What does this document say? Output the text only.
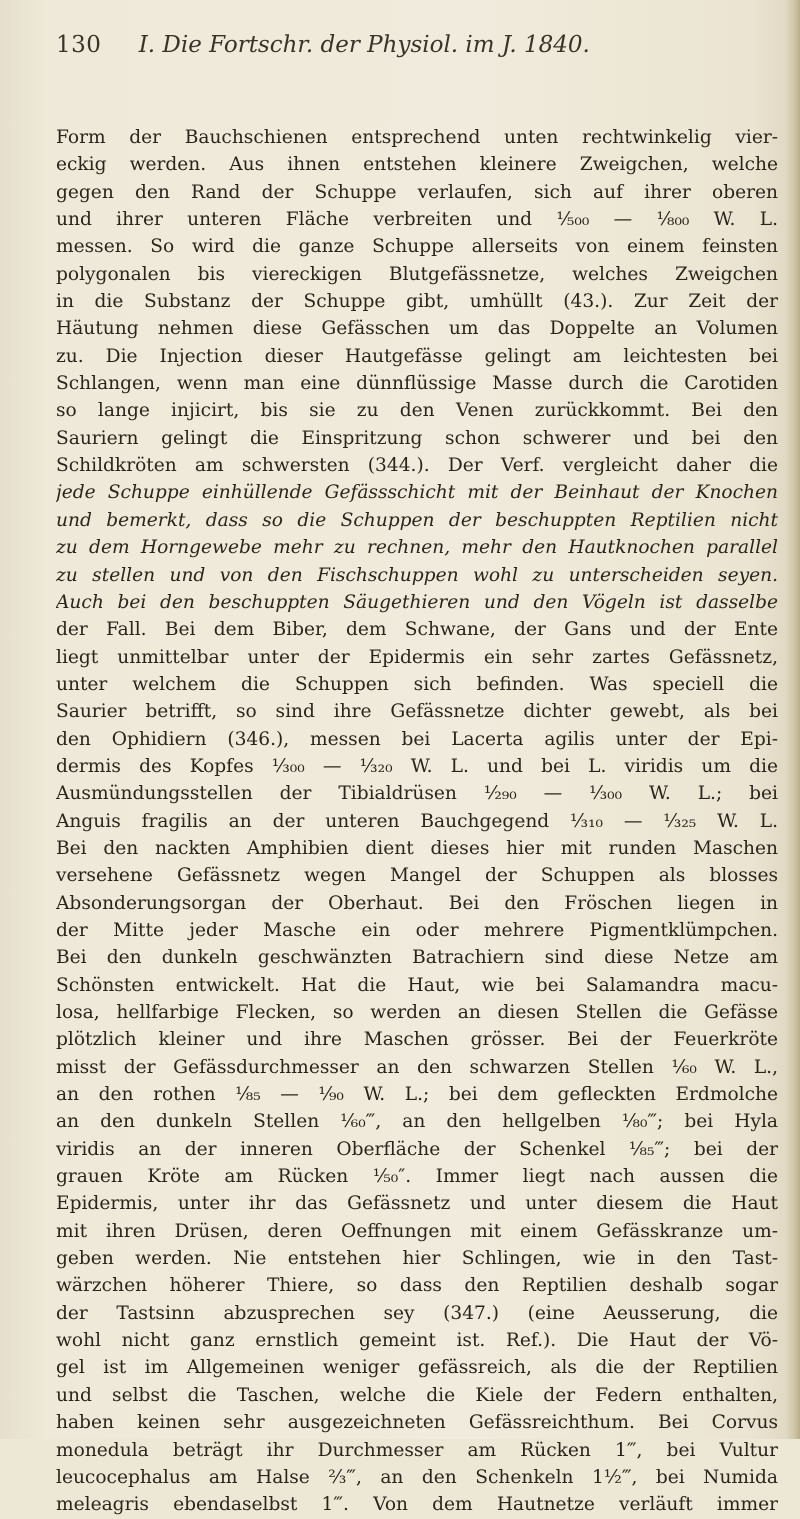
130 I. Die Fortschr. der Physiol. im J. 1840.
Form der Bauchschienen entsprechend unten rechtwinkelig vier-
eckig werden. Aus ihnen entstehen kleinere Zweigchen, welche
gegen den Rand der Schuppe verlaufen, sich auf ihrer oberen
und ihrer unteren Fläche verbreiten und ¹⁄₅₀₀ — ¹⁄₈₀₀ W. L.
messen. So wird die ganze Schuppe allerseits von einem feinsten
polygonalen bis viereckigen Blutgefässnetze, welches Zweigchen
in die Substanz der Schuppe gibt, umhüllt (43.). Zur Zeit der
Häutung nehmen diese Gefässchen um das Doppelte an Volumen
zu. Die Injection dieser Hautgefässe gelingt am leichtesten bei
Schlangen, wenn man eine dünnflüssige Masse durch die Carotiden
so lange injicirt, bis sie zu den Venen zurückkommt. Bei den
Sauriern gelingt die Einspritzung schon schwerer und bei den
Schildkröten am schwersten (344.). Der Verf. vergleicht daher die
jede Schuppe einhüllende Gefässschicht mit der Beinhaut der Knochen
und bemerkt, dass so die Schuppen der beschuppten Reptilien nicht
zu dem Horngewebe mehr zu rechnen, mehr den Hautknochen parallel
zu stellen und von den Fischschuppen wohl zu unterscheiden seyen.
Auch bei den beschuppten Säugethieren und den Vögeln ist dasselbe
der Fall. Bei dem Biber, dem Schwane, der Gans und der Ente
liegt unmittelbar unter der Epidermis ein sehr zartes Gefässnetz,
unter welchem die Schuppen sich befinden. Was speciell die
Saurier betrifft, so sind ihre Gefässnetze dichter gewebt, als bei
den Ophidiern (346.), messen bei Lacerta agilis unter der Epi-
dermis des Kopfes ¹⁄₃₀₀ — ¹⁄₃₂₀ W. L. und bei L. viridis um die
Ausmündungsstellen der Tibialdrüsen ¹⁄₂₉₀ — ¹⁄₃₀₀ W. L.; bei
Anguis fragilis an der unteren Bauchgegend ¹⁄₃₁₀ — ¹⁄₃₂₅ W. L.
Bei den nackten Amphibien dient dieses hier mit runden Maschen
versehene Gefässnetz wegen Mangel der Schuppen als blosses
Absonderungsorgan der Oberhaut. Bei den Fröschen liegen in
der Mitte jeder Masche ein oder mehrere Pigmentklümpchen.
Bei den dunkeln geschwänzten Batrachiern sind diese Netze am
Schönsten entwickelt. Hat die Haut, wie bei Salamandra macu-
losa, hellfarbige Flecken, so werden an diesen Stellen die Gefässe
plötzlich kleiner und ihre Maschen grösser. Bei der Feuerkröte
misst der Gefässdurchmesser an den schwarzen Stellen ¹⁄₆₀ W. L.,
an den rothen ¹⁄₈₅ — ¹⁄₉₀ W. L.; bei dem gefleckten Erdmolche
an den dunkeln Stellen ¹⁄₆₀‴, an den hellgelben ¹⁄₈₀‴; bei Hyla
viridis an der inneren Oberfläche der Schenkel ¹⁄₈₅‴; bei der
grauen Kröte am Rücken ¹⁄₅₀″. Immer liegt nach aussen die
Epidermis, unter ihr das Gefässnetz und unter diesem die Haut
mit ihren Drüsen, deren Oeffnungen mit einem Gefässkranze um-
geben werden. Nie entstehen hier Schlingen, wie in den Tast-
wärzchen höherer Thiere, so dass den Reptilien deshalb sogar
der Tastsinn abzusprechen sey (347.) (eine Aeusserung, die
wohl nicht ganz ernstlich gemeint ist. Ref.). Die Haut der Vö-
gel ist im Allgemeinen weniger gefässreich, als die der Reptilien
und selbst die Taschen, welche die Kiele der Federn enthalten,
haben keinen sehr ausgezeichneten Gefässreichthum. Bei Corvus
monedula beträgt ihr Durchmesser am Rücken 1‴, bei Vultur
leucocephalus am Halse ²⁄₃‴, an den Schenkeln 1½‴, bei Numida
meleagris ebendaselbst 1‴. Von dem Hautnetze verläuft immer
